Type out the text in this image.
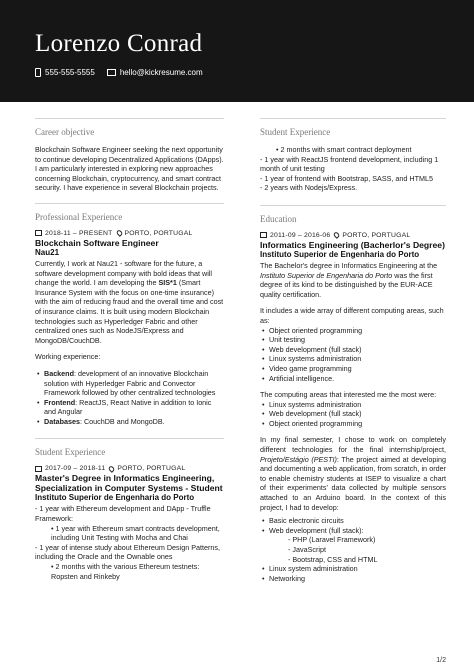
Lorenzo Conrad
555-555-5555	hello@kickresume.com
Career objective
Blockchain Software Engineer seeking the next opportunity to continue developing Decentralized Applications (DApps). I am particularly interested in exploring new approaches concerning Blockchain, cryptocurrency, and smart contract security. I have experience in several Blockchain projects.
Professional Experience
2018-11 – PRESENT PORTO, PORTUGAL
Blockchain Software Engineer
Nau21
Currently, I work at Nau21 - software for the future, a software development company with bold ideas that will change the world. I am developing the SIS*1 (Smart Insurance System with the focus on one-time insurance) with the aim of reducing fraud and the overall time and cost of insurance claims. It is built using modern Blockchain technologies such as Hyperledger Fabric and other centralized ones such as NodeJS/Express and MongoDB/CouchDB.
Working experience:
• Backend: development of an innovative Blockchain solution with Hyperledger Fabric and Convector Framework followed by other centralized technologies
• Frontend: ReactJS, React Native in addition to Ionic and Angular
• Databases: CouchDB and MongoDB.
Student Experience
2017-09 – 2018-11 PORTO, PORTUGAL
Master's Degree in Informatics Engineering, Specialization in Computer Systems - Student
Instituto Superior de Engenharia do Porto
- 1 year with Ethereum development and DApp - Truffle Framework:
• 1 year with Ethereum smart contracts development, including Unit Testing with Mocha and Chai
- 1 year of intense study about Ethereum Design Patterns, including the Oracle and the Ownable ones
• 2 months with the various Ethereum testnets: Ropsten and Rinkeby
Student Experience
• 2 months with smart contract deployment
- 1 year with ReactJS frontend development, including 1 month of unit testing
- 1 year of frontend with Bootstrap, SASS, and HTML5
- 2 years with Nodejs/Express.
Education
2011-09 – 2016-06 PORTO, PORTUGAL
Informatics Engineering (Bacherlor's Degree)
Instituto Superior de Engenharia do Porto
The Bachelor's degree in Informatics Engineering at the Instituto Superior de Engenharia do Porto was the first degree of its kind to be distinguished by the EUR-ACE quality certification.
It includes a wide array of different computing areas, such as:
• Object oriented programming
• Unit testing
• Web development (full stack)
• Linux systems administration
• Video game programming
• Artificial intelligence.
The computing areas that interested me the most were:
• Linux systems administration
• Web development (full stack)
• Object oriented programming
In my final semester, I chose to work on completely different technologies for the final internship/project, Projeto/Estágio (PESTI): The project aimed at developing and documenting a web application, from scratch, in order to enable chemistry students at ISEP to visualize a chart of their experiments' data collected by multiple sensors attached to an Arduino board. In the context of this project, I had to develop:
• Basic electronic circuits
• Web development (full stack):
- PHP (Laravel Framework)
- JavaScript
- Bootstrap, CSS and HTML
• Linux system administration
• Networking
1/2
